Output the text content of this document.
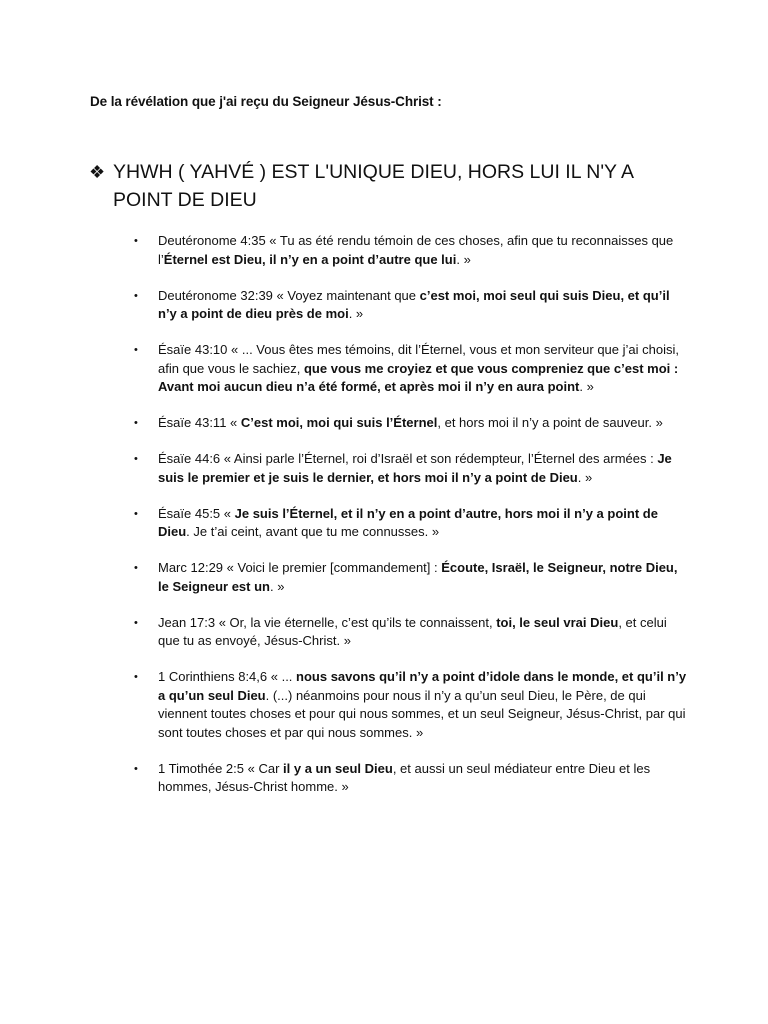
De la révélation que j'ai reçu du Seigneur Jésus-Christ :
❖ YHWH ( YAHVÉ ) EST L'UNIQUE DIEU, HORS LUI IL N'Y A POINT DE DIEU
• Deutéronome 4:35 « Tu as été rendu témoin de ces choses, afin que tu reconnaisses que l’Éternel est Dieu, il n’y en a point d’autre que lui. »
• Deutéronome 32:39 « Voyez maintenant que c’est moi, moi seul qui suis Dieu, et qu’il n’y a point de dieu près de moi. »
• Ésaïe 43:10 « ... Vous êtes mes témoins, dit l’Éternel, vous et mon serviteur que j’ai choisi, afin que vous le sachiez, que vous me croyiez et que vous compreniez que c’est moi : Avant moi aucun dieu n’a été formé, et après moi il n’y en aura point. »
• Ésaïe 43:11 « C’est moi, moi qui suis l’Éternel, et hors moi il n’y a point de sauveur. »
• Ésaïe 44:6 « Ainsi parle l’Éternel, roi d’Israël et son rédempteur, l’Éternel des armées : Je suis le premier et je suis le dernier, et hors moi il n’y a point de Dieu. »
• Ésaïe 45:5 « Je suis l’Éternel, et il n’y en a point d’autre, hors moi il n’y a point de Dieu. Je t’ai ceint, avant que tu me connusses. »
• Marc 12:29 « Voici le premier [commandement] : Écoute, Israël, le Seigneur, notre Dieu, le Seigneur est un. »
• Jean 17:3 « Or, la vie éternelle, c’est qu’ils te connaissent, toi, le seul vrai Dieu, et celui que tu as envoyé, Jésus-Christ. »
• 1 Corinthiens 8:4,6 « ... nous savons qu’il n’y a point d’idole dans le monde, et qu’il n’y a qu’un seul Dieu. (...) néanmoins pour nous il n’y a qu’un seul Dieu, le Père, de qui viennent toutes choses et pour qui nous sommes, et un seul Seigneur, Jésus-Christ, par qui sont toutes choses et par qui nous sommes. »
• 1 Timothée 2:5 « Car il y a un seul Dieu, et aussi un seul médiateur entre Dieu et les hommes, Jésus-Christ homme. »
